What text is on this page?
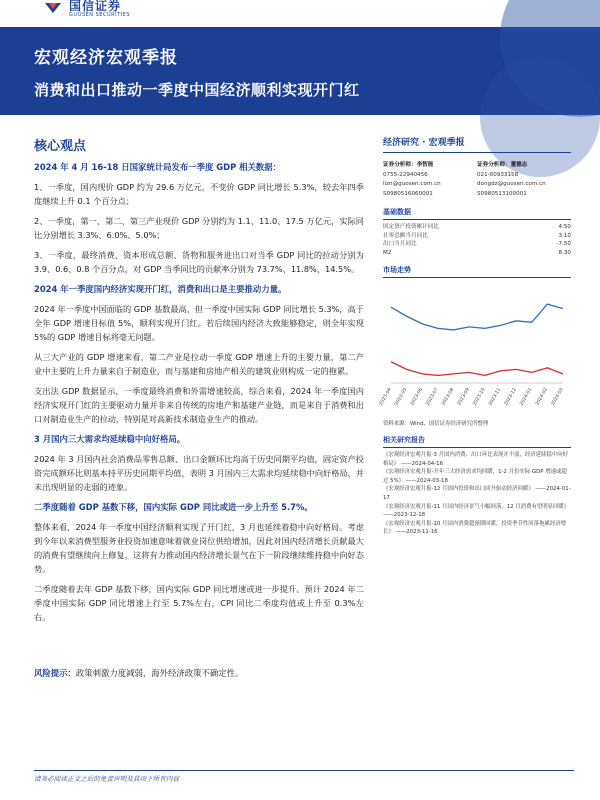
国信证券
GUOSEN SECURITIES
宏观经济宏观季报
消费和出口推动一季度中国经济顺利实现开门红
核心观点
2024 年 4 月 16-18 日国家统计局发布一季度 GDP 相关数据：
1、一季度，国内现价 GDP 约为 29.6 万亿元，不变价 GDP 同比增长 5.3%，较去年四季度继续上升 0.1 个百分点；
2、一季度，第一、第二、第三产业现价 GDP 分别约为 1.1、11.0、17.5 万亿元，实际同比分别增长 3.3%、6.0%、5.0%；
3、一季度，最终消费、资本形成总额、货物和服务进出口对当季 GDP 同比的拉动分别为 3.9、0.6、0.8 个百分点，对 GDP 当季同比的贡献率分别为 73.7%、11.8%、14.5%。
2024 年一季度国内经济实现开门红，消费和出口是主要推动力量。
2024 年一季度中国面临的 GDP 基数最高，但一季度中国实际 GDP 同比增长 5.3%，高于全年 GDP 增速目标值 5%，顺利实现开门红。若后续国内经济大致能够稳定，则全年实现 5%的 GDP 增速目标将毫无问题。
从三大产业的 GDP 增速来看，第二产业是拉动一季度 GDP 增速上升的主要力量，第二产业中主要的上升力量来自于制造业，而与基建和房地产相关的建筑业则构成一定的拖累。
支出法 GDP 数据显示，一季度最终消费和外需增速较高，综合来看，2024 年一季度国内经济实现开门红的主要驱动力量并非来自传统的房地产和基建产业链，而是来自于消费和出口对制造业生产的拉动，特别是对高新技术制造业生产的推动。
3 月国内三大需求均延续稳中向好格局。
2024 年 3 月国内社会消费品零售总额、出口金额环比均高于历史同期平均值，固定资产投资完成额环比则基本持平历史同期平均值，表明 3 月国内三大需求均延续稳中向好格局，并未出现明显的走弱的迹象。
二季度随着 GDP 基数下移，国内实际 GDP 同比或进一步上升至 5.7%。
整体来看，2024 年一季度中国经济顺利实现了开门红，3 月也延续着稳中向好格局。考虑到今年以来消费型服务业投资加速意味着就业岗位供给增加，因此对国内经济增长贡献最大的消费有望继续向上修复，这将有力推动国内经济增长景气在下一阶段继续维持稳中向好态势。
二季度随着去年 GDP 基数下移，国内实际 GDP 同比增速或进一步提升。预计 2024 年二季度中国实际 GDP 同比增速上行至 5.7%左右，CPI 同比二季度均值或上升至 0.3%左右。
经济研究 · 宏观季报
证券分析师：李智能
0755-22940456
lizn@guosen.com.cn
S0980516060001
证券分析师：董德志
021-60933158
dongdz@guosen.com.cn
S0980513100001
基础数据
固定资产投资累计同比	4.50
社零总额当月同比	3.10
出口当月同比	-7.50
M2	8.30
市场走势
2023-04 2023-05 2023-06 2023-07 2023-08 2023-09 2023-10 2023-11 2023-12 2024-01 2024-02 2024-03
资料来源：Wind、国信证券经济研究所整理
相关研究报告
《宏观经济宏观月报-3 月国内消费、出口环比表现并不弱，经济延续稳中向好格局》 ——2024-04-16
《宏观经济宏观月报-开年三大经济需求均回暖，1-2 月份实际 GDP 增速或超过 5%》 ——2024-03-18
《宏观经济宏观月报-12 月国内投资和出口回升驱动经济回暖》 ——2024-01-17
《宏观经济宏观月报-11 月国内经济景气小幅回落，12 月消费有望明显回暖》 ——2023-12-18
《宏观经济宏观月报-10 月国内消费超预期回暖，投资季节性回落拖累经济增长》 ——2023-11-16
风险提示：政策刺激力度减弱，海外经济政策不确定性。
请务必阅读正文之后的免责声明及其项下所有内容
